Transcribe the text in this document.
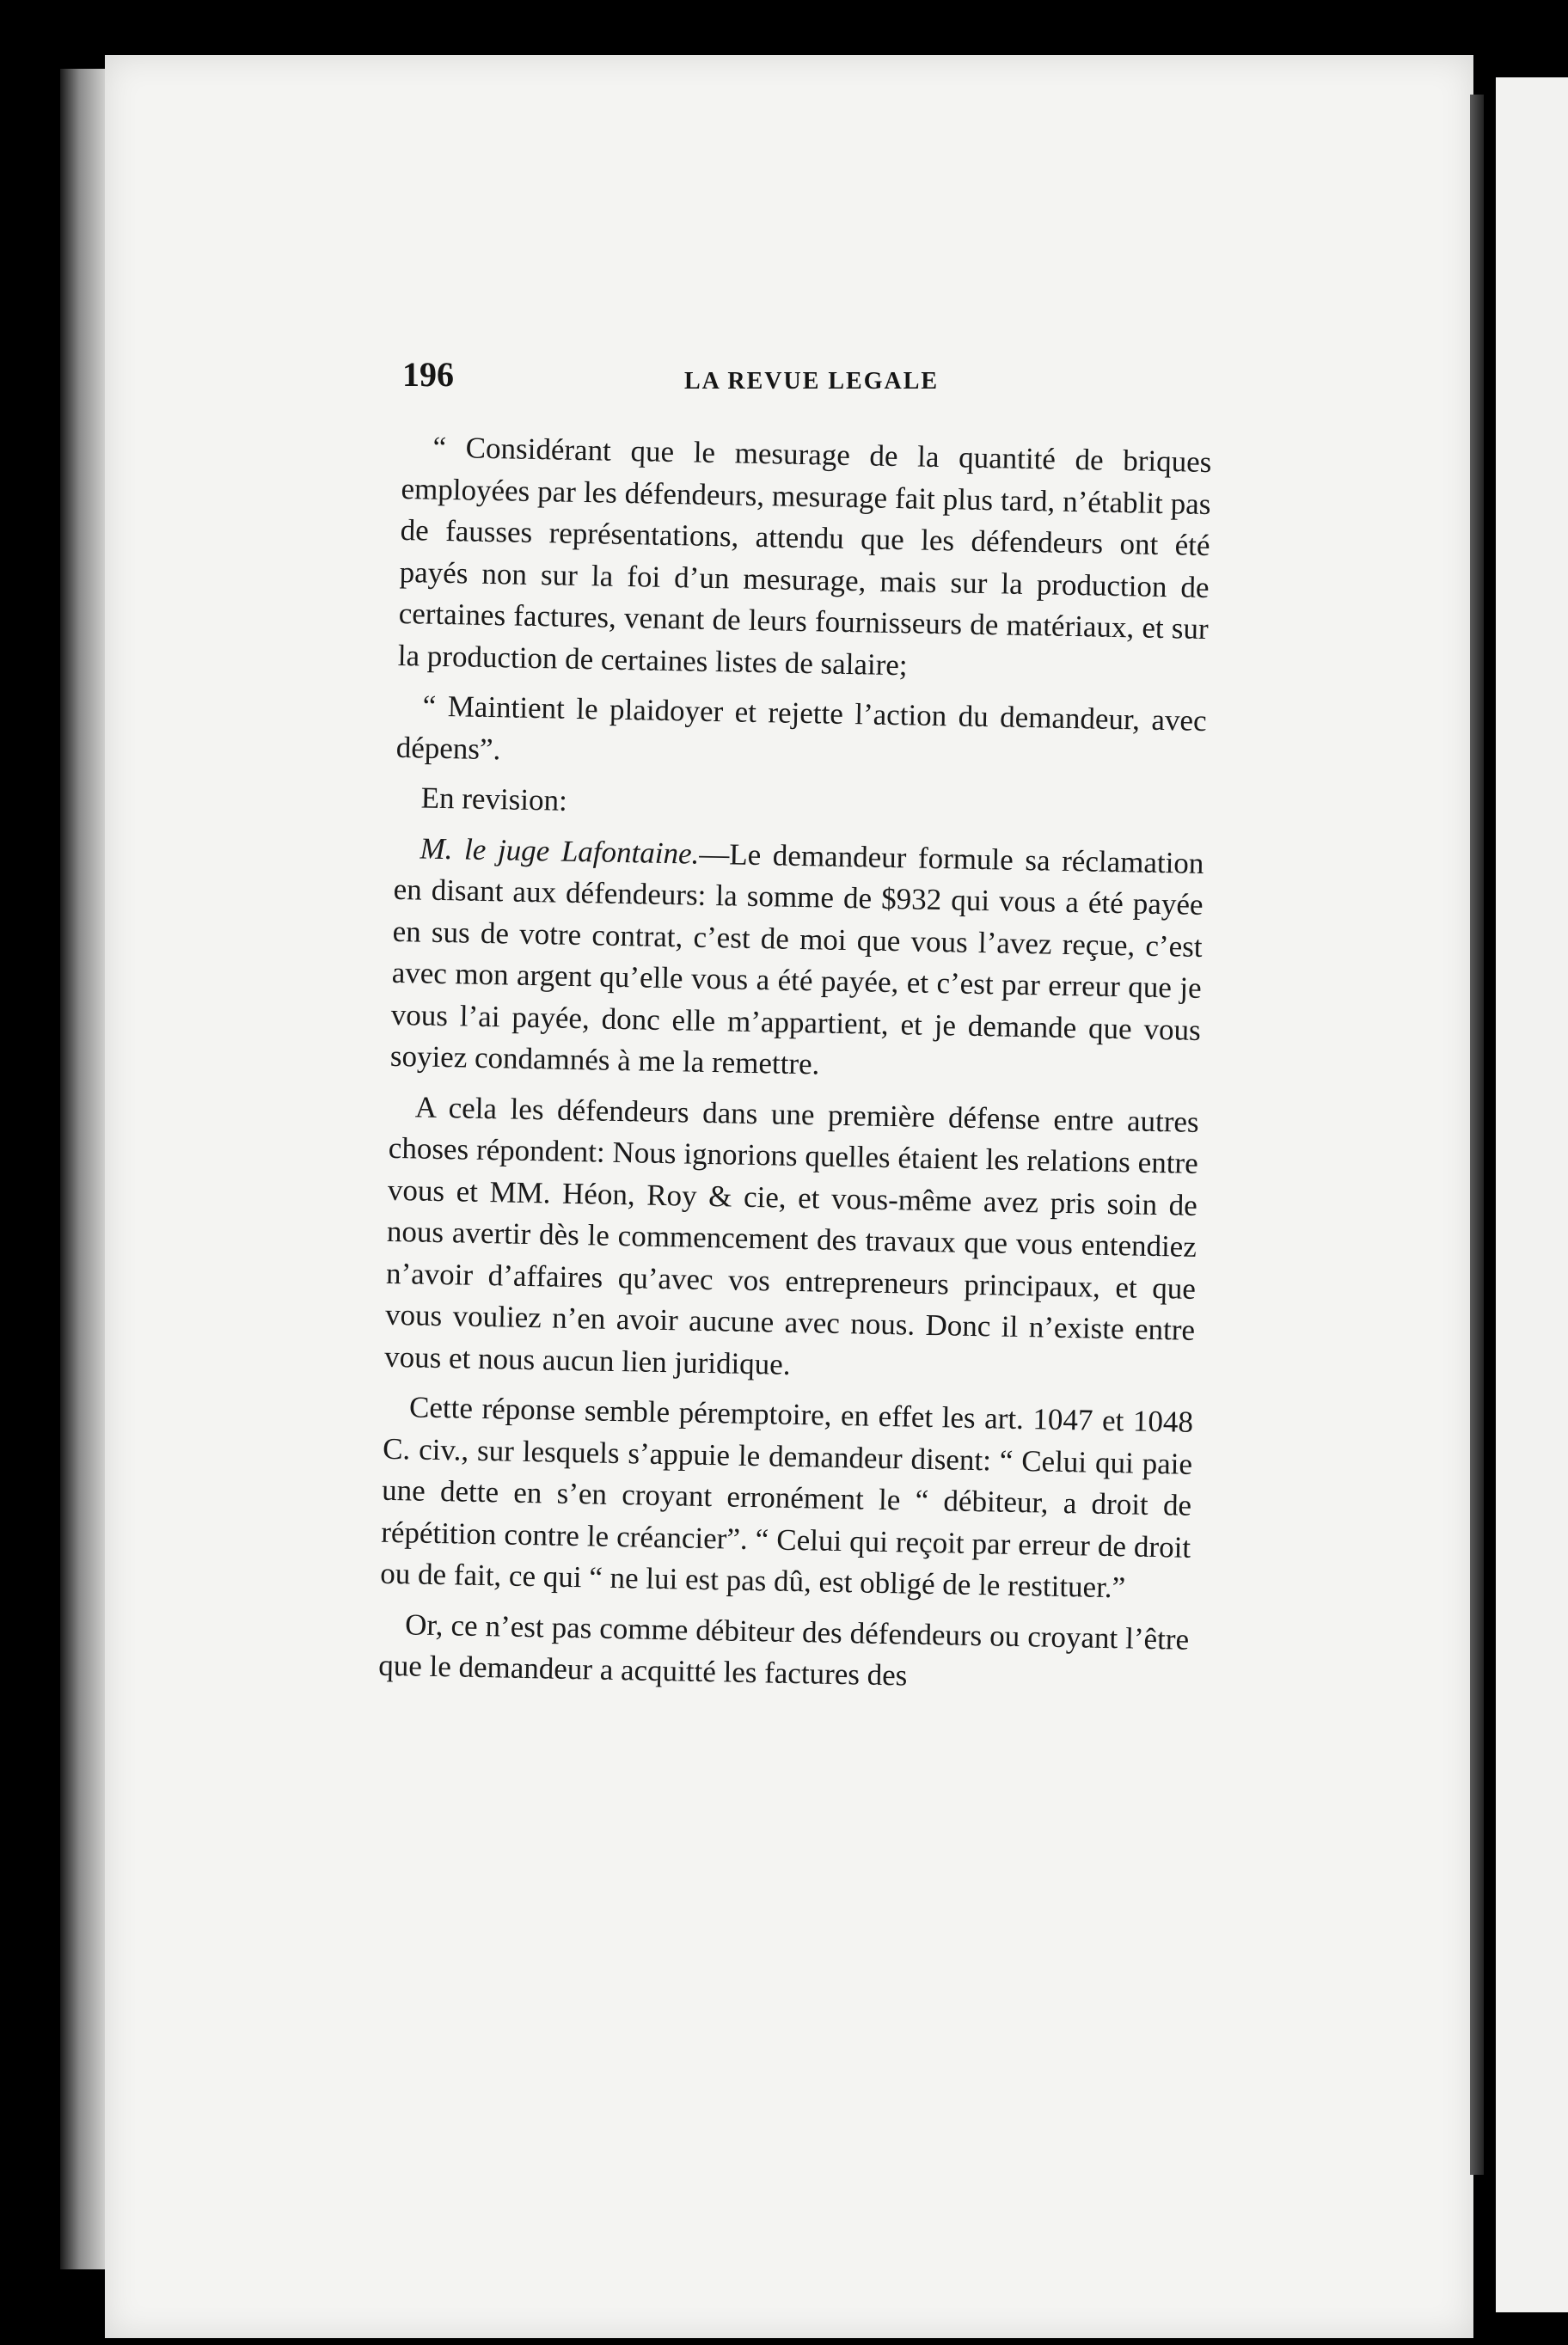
196	LA REVUE LEGALE

“ Considérant que le mesurage de la quantité de briques employées par les défendeurs, mesurage fait plus tard, n’établit pas de fausses représentations, attendu que les défendeurs ont été payés non sur la foi d’un mesurage, mais sur la production de certaines factures, venant de leurs fournisseurs de matériaux, et sur la production de certaines listes de salaire;

“ Maintient le plaidoyer et rejette l’action du demandeur, avec dépens”.

En revision:

M. le juge Lafontaine.—Le demandeur formule sa réclamation en disant aux défendeurs: la somme de $932 qui vous a été payée en sus de votre contrat, c’est de moi que vous l’avez reçue, c’est avec mon argent qu’elle vous a été payée, et c’est par erreur que je vous l’ai payée, donc elle m’appartient, et je demande que vous soyiez condamnés à me la remettre.

A cela les défendeurs dans une première défense entre autres choses répondent: Nous ignorions quelles étaient les relations entre vous et MM. Héon, Roy & cie, et vous-même avez pris soin de nous avertir dès le commencement des travaux que vous entendiez n’avoir d’affaires qu’avec vos entrepreneurs principaux, et que vous vouliez n’en avoir aucune avec nous. Donc il n’existe entre vous et nous aucun lien juridique.

Cette réponse semble péremptoire, en effet les art. 1047 et 1048 C. civ., sur lesquels s’appuie le demandeur disent: “ Celui qui paie une dette en s’en croyant erronément le “ débiteur, a droit de répétition contre le créancier”. “ Celui qui reçoit par erreur de droit ou de fait, ce qui “ ne lui est pas dû, est obligé de le restituer.”

Or, ce n’est pas comme débiteur des défendeurs ou croyant l’être que le demandeur a acquitté les factures des
